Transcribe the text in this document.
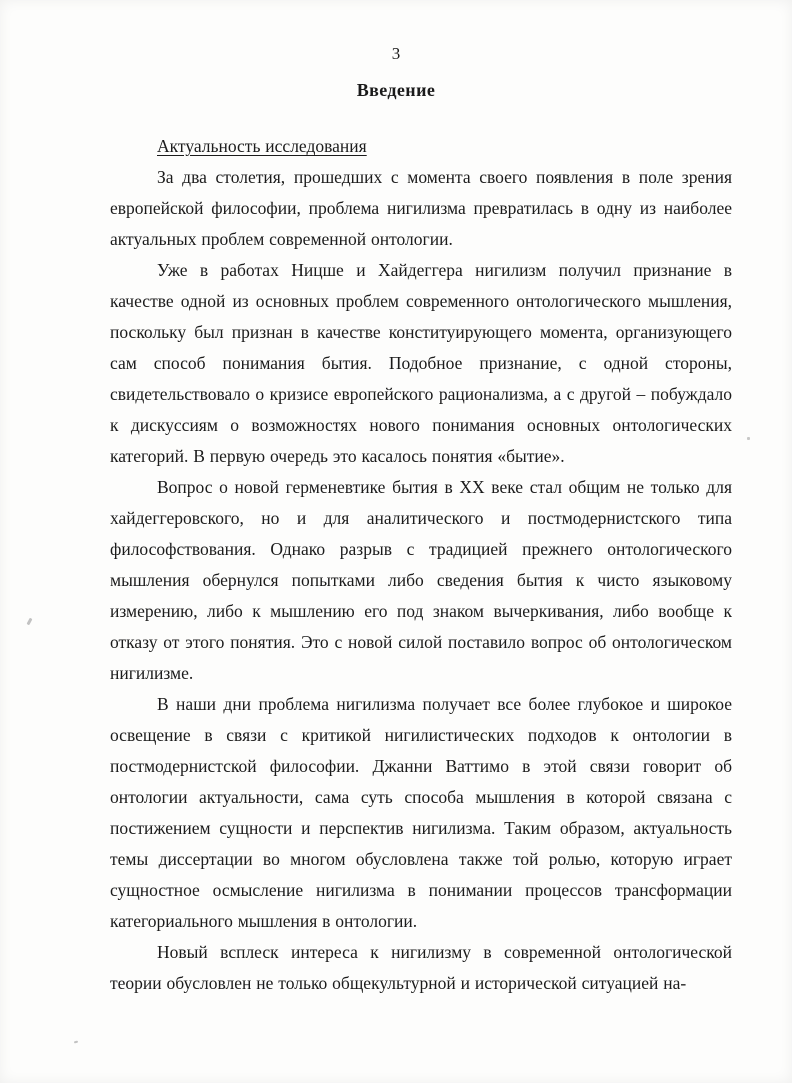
3
Введение

Актуальность исследования

За два столетия, прошедших с момента своего появления в поле зрения европейской философии, проблема нигилизма превратилась в одну из наиболее актуальных проблем современной онтологии.

Уже в работах Ницше и Хайдеггера нигилизм получил признание в качестве одной из основных проблем современного онтологического мышления, поскольку был признан в качестве конституирующего момента, организующего сам способ понимания бытия. Подобное признание, с одной стороны, свидетельствовало о кризисе европейского рационализма, а с другой – побуждало к дискуссиям о возможностях нового понимания основных онтологических категорий. В первую очередь это касалось понятия «бытие».

Вопрос о новой герменевтике бытия в XX веке стал общим не только для хайдеггеровского, но и для аналитического и постмодернистского типа философствования. Однако разрыв с традицией прежнего онтологического мышления обернулся попытками либо сведения бытия к чисто языковому измерению, либо к мышлению его под знаком вычеркивания, либо вообще к отказу от этого понятия. Это с новой силой поставило вопрос об онтологическом нигилизме.

В наши дни проблема нигилизма получает все более глубокое и широкое освещение в связи с критикой нигилистических подходов к онтологии в постмодернистской философии. Джанни Ваттимо в этой связи говорит об онтологии актуальности, сама суть способа мышления в которой связана с постижением сущности и перспектив нигилизма. Таким образом, актуальность темы диссертации во многом обусловлена также той ролью, которую играет сущностное осмысление нигилизма в понимании процессов трансформации категориального мышления в онтологии.

Новый всплеск интереса к нигилизму в современной онтологической теории обусловлен не только общекультурной и исторической ситуацией на-
